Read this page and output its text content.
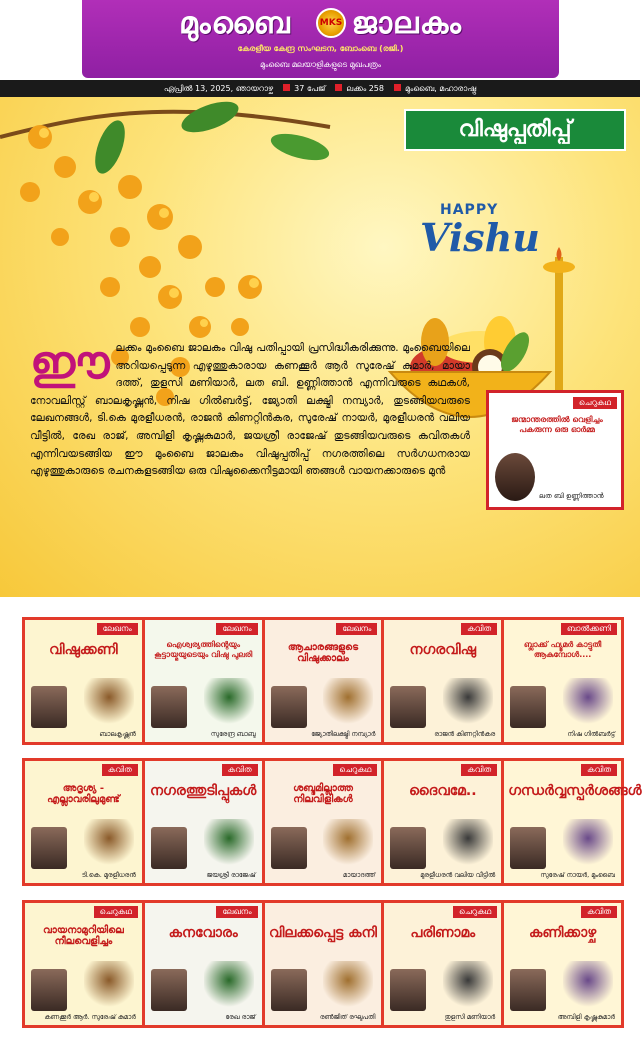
മുംബൈ ജാലകം
MKS
കേരളീയ കേന്ദ്ര സംഘടന, ബോംബെ (രജി.)
മുംബൈ മലയാളികളുടെ മുഖപത്രം
ഏപ്രിൽ 13, 2025, ഞായറാഴ്ച	37 പേജ്	ലക്കം 258	മുംബൈ, മഹാരാഷ്ട്ര
വിഷുപ്പതിപ്പ്
HAPPY
Vishu
ഈ ലക്കം മുംബൈ ജാലകം വിഷു പതിപ്പായി പ്രസിദ്ധീകരിക്കുന്നു. മുംബൈയിലെ അറിയപ്പെടുന്ന എഴുത്തുകാരായ കണക്കൂർ ആർ സുരേഷ് കുമാർ, മായാ ദത്ത്, തുളസി മണിയാർ, ലത ബി. ഉണ്ണിത്താൻ എന്നിവരുടെ കഥകൾ, നോവലിസ്റ്റ് ബാലകൃഷ്ണൻ, നിഷ ഗിൽബർട്ട്, ജ്യോതി ലക്ഷ്മി നമ്പ്യാർ, തുടങ്ങിയവരുടെ ലേഖനങ്ങൾ, ടി.കെ മുരളീധരൻ, രാജൻ കിണറ്റിൻകര, സുരേഷ് നായർ, മുരളീധരൻ വലിയ വീട്ടിൽ, രേഖ രാജ്, അമ്പിളി കൃഷ്ണകുമാർ, ജയശ്രീ രാജേഷ് തുടങ്ങിയവരുടെ കവിതകൾ എന്നിവയടങ്ങിയ ഈ മുംബൈ ജാലകം വിഷുപ്പതിപ്പ് നഗരത്തിലെ സർഗധനരായ എഴുത്തുകാരുടെ രചനകളടങ്ങിയ ഒരു വിഷുക്കൈനീട്ടമായി ഞങ്ങൾ വായനക്കാരുടെ മുൻ
ചെറുകഥ
ജന്മാന്തരത്തിൽ വെളിച്ചം പകരുന്ന ഒരു ഓർമ്മ
ലത ബി ഉണ്ണിത്താൻ
ലേഖനം
വിഷുക്കണി
ബാലകൃഷ്ണൻ
ലേഖനം
ഐശ്വര്യത്തിന്റെയും കൂട്ടായ്മയുടെയും വിഷു പുലരി
സുരേന്ദ്ര ബാബു
ലേഖനം
ആചാരങ്ങളുടെ വിഷുക്കാലം
ജ്യോതിലക്ഷ്മി നമ്പ്യാർ
കവിത
നഗരവിഷു
രാജൻ കിണറ്റിൻകര
ബാൽക്കണി
ബ്ലാക്ക് ഫ്യൂമർ കാട്ടുതീ ആകുമ്പോൾ....
നിഷ ഗിൽബർട്ട്
കവിത
അദൃശ്യ - എല്ലാവരിലുമുണ്ട്
ടി.കെ. മുരളീധരൻ
കവിത
നഗരത്തുടിപ്പുകൾ
ജയശ്രീ രാജേഷ്
ചെറുകഥ
ശബ്ദമില്ലാത്ത നിലവിളികൾ
മായാദത്ത്
കവിത
ദൈവമേ..
മുരളീധരൻ വലിയ വീട്ടിൽ
കവിത
ഗന്ധർവ്വസ്പർശങ്ങൾ
സുരേഷ് നായർ, മുംബൈ
ചെറുകഥ
വായനാമുറിയിലെ നീലവെളിച്ചം
കണക്കൂർ ആർ. സുരേഷ് കുമാർ
ലേഖനം
കനവോരം
രേഖ രാജ്
വിലക്കപ്പെട്ട കനി
രൺജിത് രഘുപതി
ചെറുകഥ
പരിണാമം
തുളസി മണിയാർ
കവിത
കണിക്കാഴ്ച
അമ്പിളി കൃഷ്ണകുമാർ
